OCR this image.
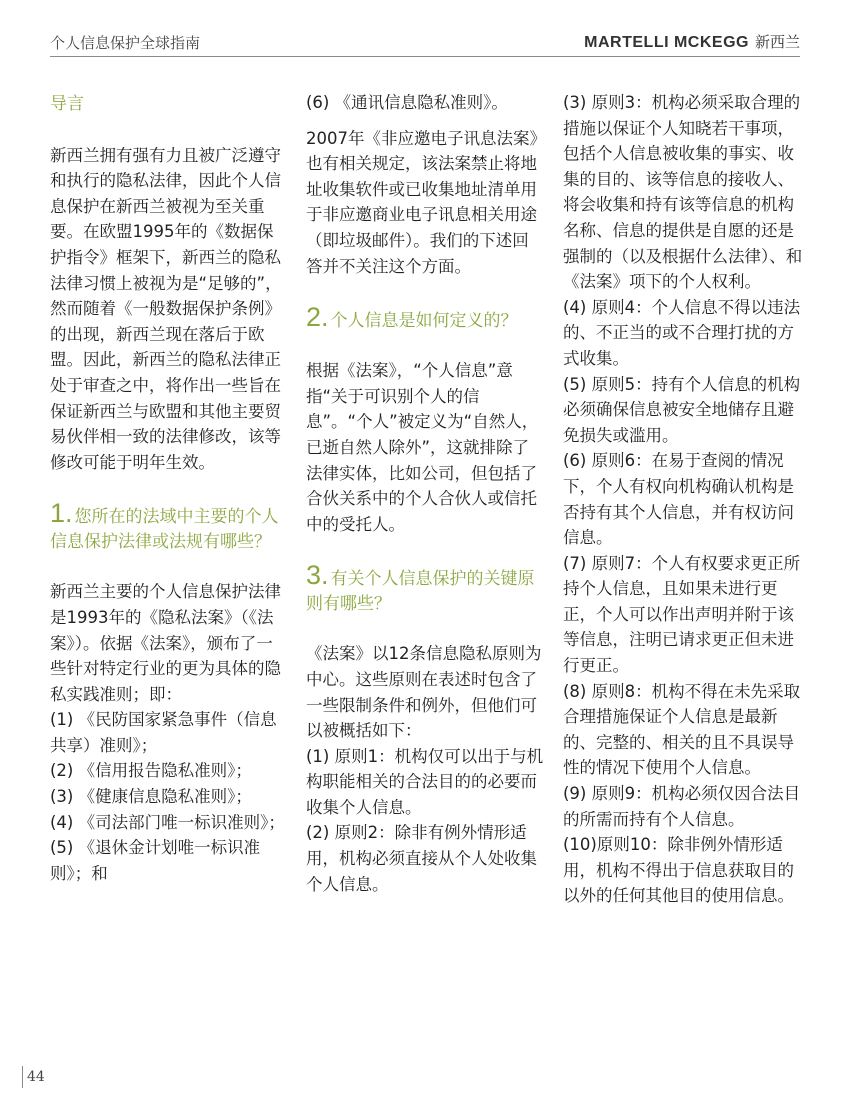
个人信息保护全球指南	MARTELLI MCKEGG 新西兰

导言

新西兰拥有强有力且被广泛遵守和执行的隐私法律，因此个人信息保护在新西兰被视为至关重要。在欧盟1995年的《数据保护指令》框架下，新西兰的隐私法律习惯上被视为是“足够的”，然而随着《一般数据保护条例》的出现，新西兰现在落后于欧盟。因此，新西兰的隐私法律正处于审查之中，将作出一些旨在保证新西兰与欧盟和其他主要贸易伙伴相一致的法律修改，该等修改可能于明年生效。

1. 您所在的法域中主要的个人信息保护法律或法规有哪些？

新西兰主要的个人信息保护法律是1993年的《隐私法案》（《法案》）。依据《法案》，颁布了一些针对特定行业的更为具体的隐私实践准则；即：

(1) 《民防国家紧急事件（信息共享）准则》；

(2) 《信用报告隐私准则》；

(3) 《健康信息隐私准则》；

(4) 《司法部门唯一标识准则》；

(5) 《退休金计划唯一标识准则》；和

(6) 《通讯信息隐私准则》。

2007年《非应邀电子讯息法案》也有相关规定，该法案禁止将地址收集软件或已收集地址清单用于非应邀商业电子讯息相关用途（即垃圾邮件）。我们的下述回答并不关注这个方面。

2. 个人信息是如何定义的？

根据《法案》，“个人信息”意指“关于可识别个人的信息”。“个人”被定义为“自然人，已逝自然人除外”，这就排除了法律实体，比如公司，但包括了合伙关系中的个人合伙人或信托中的受托人。

3. 有关个人信息保护的关键原则有哪些？

《法案》以12条信息隐私原则为中心。这些原则在表述时包含了一些限制条件和例外，但他们可以被概括如下：

(1) 原则1：机构仅可以出于与机构职能相关的合法目的的必要而收集个人信息。

(2) 原则2：除非有例外情形适用，机构必须直接从个人处收集个人信息。

(3) 原则3：机构必须采取合理的措施以保证个人知晓若干事项，包括个人信息被收集的事实、收集的目的、该等信息的接收人、将会收集和持有该等信息的机构名称、信息的提供是自愿的还是强制的（以及根据什么法律）、和《法案》项下的个人权利。

(4) 原则4：个人信息不得以违法的、不正当的或不合理打扰的方式收集。

(5) 原则5：持有个人信息的机构必须确保信息被安全地储存且避免损失或滥用。

(6) 原则6：在易于查阅的情况下，个人有权向机构确认机构是否持有其个人信息，并有权访问信息。

(7) 原则7：个人有权要求更正所持个人信息，且如果未进行更正，个人可以作出声明并附于该等信息，注明已请求更正但未进行更正。

(8) 原则8：机构不得在未先采取合理措施保证个人信息是最新的、完整的、相关的且不具误导性的情况下使用个人信息。

(9) 原则9：机构必须仅因合法目的所需而持有个人信息。

(10)原则10：除非例外情形适用，机构不得出于信息获取目的以外的任何其他目的使用信息。

44
